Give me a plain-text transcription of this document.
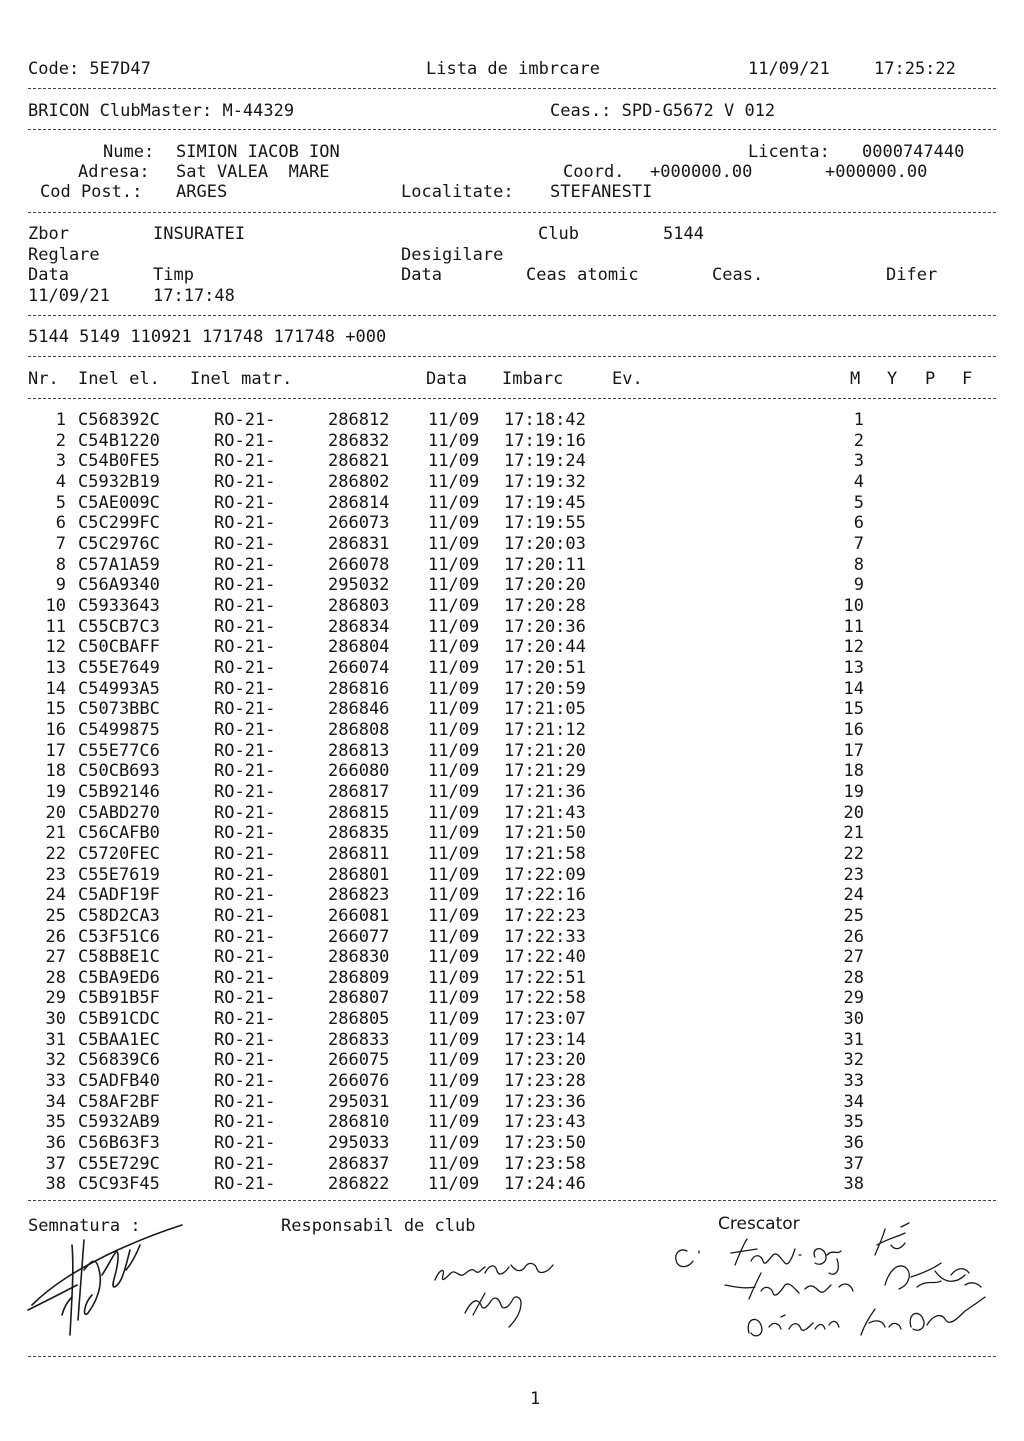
Code: 5E7D47	Lista de imbrcare	11/09/21	17:25:22
BRICON ClubMaster: M-44329	Ceas.: SPD-G5672 V 012
Nume: SIMION IACOB ION	Licenta: 0000747440
Adresa: Sat VALEA  MARE	Coord. +000000.00	+000000.00
Cod Post.: ARGES	Localitate: STEFANESTI
Zbor	INSURATEI	Club	5144
Reglare	Desigilare
Data	Timp	Data	Ceas atomic	Ceas.	Difer
11/09/21	17:17:48
5144 5149 110921 171748 171748 +000
Nr. Inel el. Inel matr.	Data Imbarc	Ev.	M Y P F
1 C568392C	RO-21-	286812	11/09	17:18:42	1
2 C54B1220	RO-21-	286832	11/09	17:19:16	2
3 C54B0FE5	RO-21-	286821	11/09	17:19:24	3
4 C5932B19	RO-21-	286802	11/09	17:19:32	4
5 C5AE009C	RO-21-	286814	11/09	17:19:45	5
6 C5C299FC	RO-21-	266073	11/09	17:19:55	6
7 C5C2976C	RO-21-	286831	11/09	17:20:03	7
8 C57A1A59	RO-21-	266078	11/09	17:20:11	8
9 C56A9340	RO-21-	295032	11/09	17:20:20	9
10 C5933643	RO-21-	286803	11/09	17:20:28	10
11 C55CB7C3	RO-21-	286834	11/09	17:20:36	11
12 C50CBAFF	RO-21-	286804	11/09	17:20:44	12
13 C55E7649	RO-21-	266074	11/09	17:20:51	13
14 C54993A5	RO-21-	286816	11/09	17:20:59	14
15 C5073BBC	RO-21-	286846	11/09	17:21:05	15
16 C5499875	RO-21-	286808	11/09	17:21:12	16
17 C55E77C6	RO-21-	286813	11/09	17:21:20	17
18 C50CB693	RO-21-	266080	11/09	17:21:29	18
19 C5B92146	RO-21-	286817	11/09	17:21:36	19
20 C5ABD270	RO-21-	286815	11/09	17:21:43	20
21 C56CAFB0	RO-21-	286835	11/09	17:21:50	21
22 C5720FEC	RO-21-	286811	11/09	17:21:58	22
23 C55E7619	RO-21-	286801	11/09	17:22:09	23
24 C5ADF19F	RO-21-	286823	11/09	17:22:16	24
25 C58D2CA3	RO-21-	266081	11/09	17:22:23	25
26 C53F51C6	RO-21-	266077	11/09	17:22:33	26
27 C58B8E1C	RO-21-	286830	11/09	17:22:40	27
28 C5BA9ED6	RO-21-	286809	11/09	17:22:51	28
29 C5B91B5F	RO-21-	286807	11/09	17:22:58	29
30 C5B91CDC	RO-21-	286805	11/09	17:23:07	30
31 C5BAA1EC	RO-21-	286833	11/09	17:23:14	31
32 C56839C6	RO-21-	266075	11/09	17:23:20	32
33 C5ADFB40	RO-21-	266076	11/09	17:23:28	33
34 C58AF2BF	RO-21-	295031	11/09	17:23:36	34
35 C5932AB9	RO-21-	286810	11/09	17:23:43	35
36 C56B63F3	RO-21-	295033	11/09	17:23:50	36
37 C55E729C	RO-21-	286837	11/09	17:23:58	37
38 C5C93F45	RO-21-	286822	11/09	17:24:46	38
Semnatura :	Responsabil de club	Crescator
1
